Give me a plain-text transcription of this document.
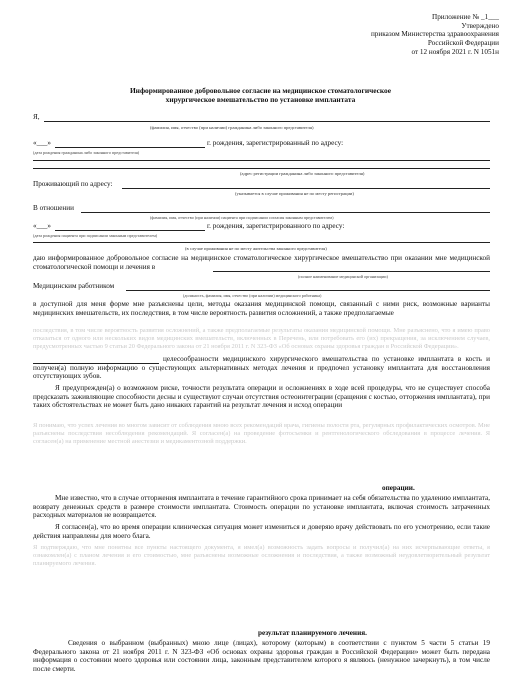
Приложение № _1___
Утверждено
приказом Министерства здравоохранения
Российской Федерации
от 12 ноября 2021 г. N 1051н
Информированное добровольное согласие на медицинское стоматологическое
хирургическое вмешательство по установке имплантата
Я,
(фамилия, имя, отчество (при наличии) гражданина либо законного представителя)
«___»	г. рождения, зарегистрированный по адресу:
(дата рождения гражданина либо законного представителя)
(адрес регистрации гражданина либо законного представителя)
Проживающий по адресу:
(указывается в случае проживания не по месту регистрации)
В отношении
(фамилия, имя, отчество (при наличии) пациента при подписании согласия законным представителем)
«___»	г. рождения, зарегистрированного по адресу:
(дата рождения пациента при подписании законным представителем)
(в случае проживания не по месту жительства законного представителя)
даю информированное добровольное согласие на медицинское стоматологическое хирургическое вмешательство при оказании мне медицинской стоматологической помощи и лечения в
(полное наименование медицинской организации)
Медицинским работником
(должность, фамилия, имя, отчество (при наличии) медицинского работника)
в доступной для меня форме мне разъяснены цели, методы оказания медицинской помощи, связанный с ними риск, возможные варианты медицинских вмешательств, их последствия, в том числе вероятность развития осложнений, а также предполагаемые
последствия, в том числе вероятность развития осложнений, а также предполагаемые результаты оказания медицинской помощи. Мне разъяснено, что я имею право отказаться от одного или нескольких видов медицинских вмешательств, включенных в Перечень, или потребовать его (их) прекращения, за исключением случаев, предусмотренных частью 9 статьи 20 Федерального закона от 21 ноября 2011 г. N 323-ФЗ «Об основах охраны здоровья граждан в Российской Федерации».
целесообразности медицинского хирургического вмешательства по установке имплантата в кость и получен(а) полную информацию о существующих альтернативных методах лечения и предпочел установку имплантата для восстановления отсутствующих зубов.
Я предупрежден(а) о возможном риске, точности результата операции и осложнениях в ходе всей процедуры, что не существует способа предсказать заживляющие способности десны и существуют случаи отсутствия остеоинтеграции (сращения с костью, отторжения имплантата), при таких обстоятельствах не может быть дано никаких гарантий на результат лечения и исход операции
Я понимаю, что успех лечения во многом зависит от соблюдения мною всех рекомендаций врача, гигиены полости рта, регулярных профилактических осмотров. Мне разъяснены последствия несоблюдения рекомендаций. Я согласен(а) на проведение фотосъемки и рентгенологического обследования в процессе лечения. Я согласен(а) на применение местной анестезии и медикаментозной поддержки.
операции.
Мне известно, что в случае отторжения имплантата в течение гарантийного срока принимает на себя обязательства по удалению имплантата, возврату денежных средств в размере стоимости имплантата. Стоимость операции по установке имплантата, включая стоимость затраченных расходных материалов не возвращается.
Я согласен(а), что во время операции клиническая ситуация может измениться и доверяю врачу действовать по его усмотрению, если такие действия направлены для моего блага.
Я подтверждаю, что мне понятны все пункты настоящего документа, я имел(а) возможность задать вопросы и получил(а) на них исчерпывающие ответы, я ознакомлен(а) с планом лечения и его стоимостью, мне разъяснены возможные осложнения и последствия, а также возможный неудовлетворительный результат планируемого лечения.
результат планируемого лечения.
Сведения о выбранном (выбранных) мною лице (лицах), которому (которым) в соответствии с пунктом 5 части 5 статьи 19 Федерального закона от 21 ноября 2011 г. N 323-ФЗ «Об основах охраны здоровья граждан в Российской Федерации» может быть передана информация о состоянии моего здоровья или состоянии лица, законным представителем которого я являюсь (ненужное зачеркнуть), в том числе после смерти.
